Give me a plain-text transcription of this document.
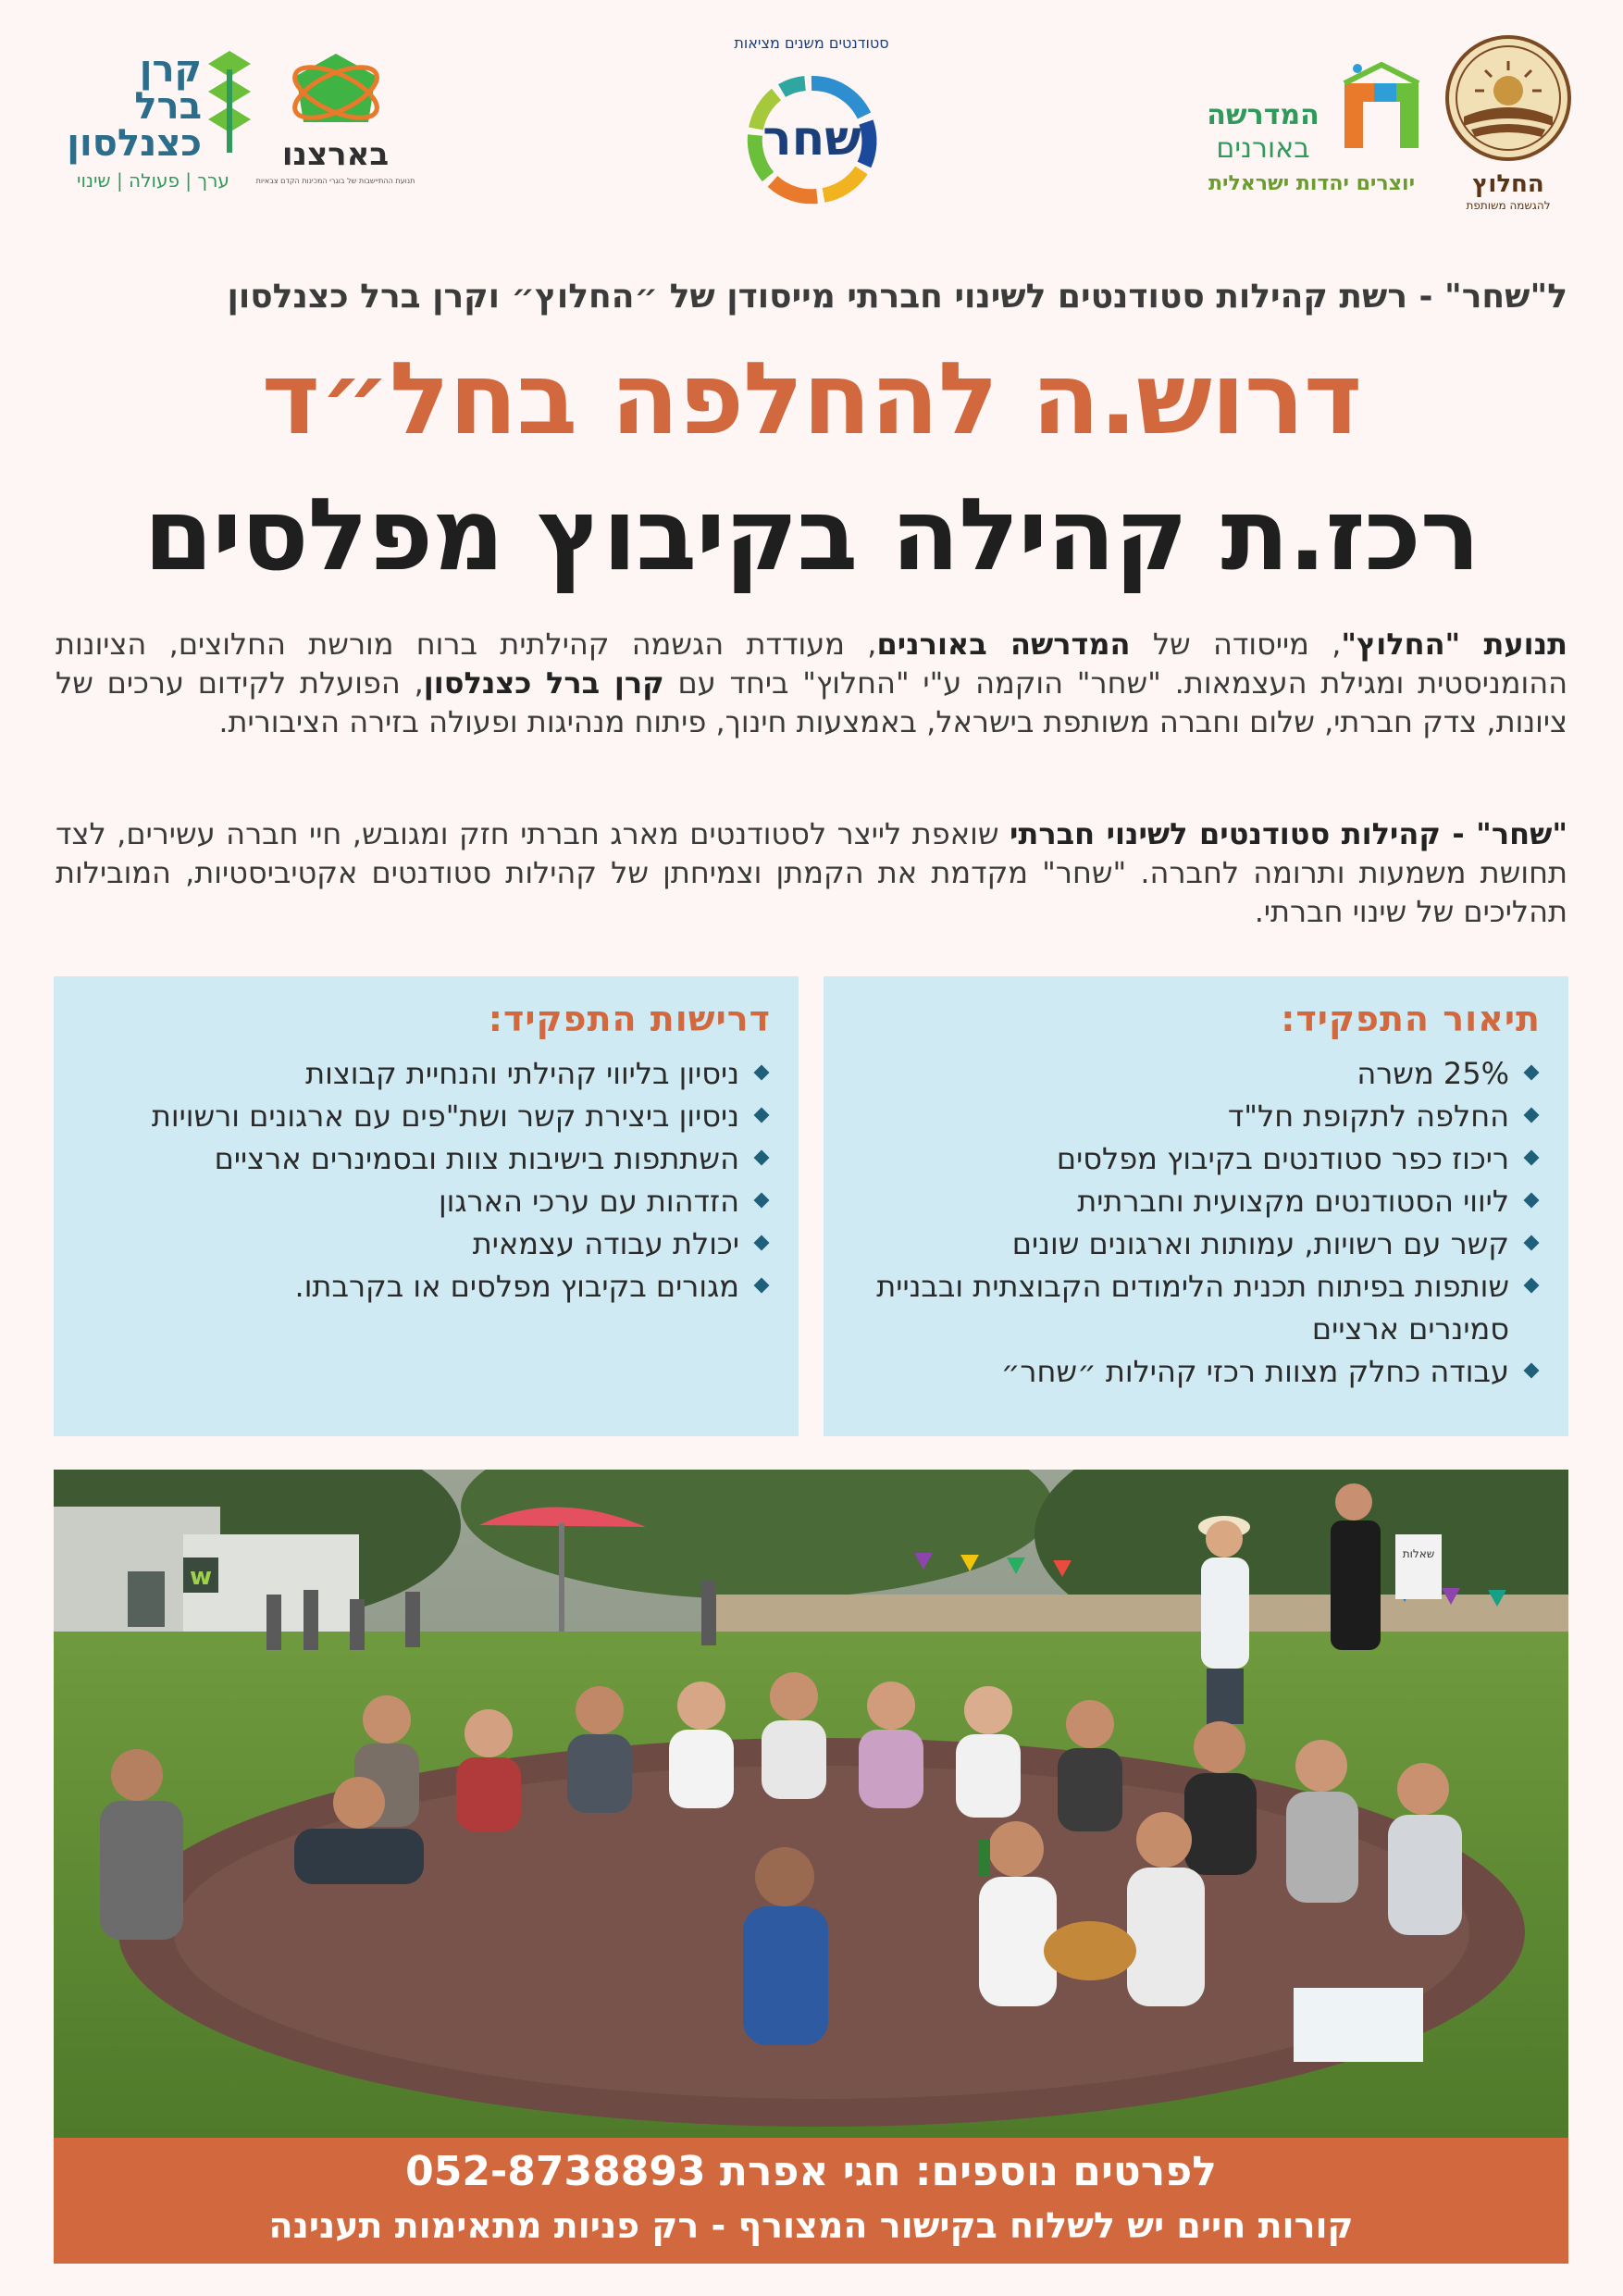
החלוץ
להגשמה משותפת
המדרשה
באורנים
יוצרים יהדות ישראלית
סטודנטים משנים מציאות
שחר
בארצנו
תנועת ההתיישבות של בוגרי המכינות הקדם צבאיות
קרן
ברל
כצנלסון
ערך | פעולה | שינוי
ל"שחר" - רשת קהילות סטודנטים לשינוי חברתי מייסודן של ״החלוץ״ וקרן ברל כצנלסון
דרוש.ה להחלפה בחל״ד
רכז.ת קהילה בקיבוץ מפלסים

תנועת "החלוץ", מייסודה של המדרשה באורנים, מעודדת הגשמה קהילתית ברוח מורשת החלוצים, הציונות ההומניסטית ומגילת העצמאות. "שחר" הוקמה ע"י "החלוץ" ביחד עם קרן ברל כצנלסון, הפועלת לקידום ערכים של ציונות, צדק חברתי, שלום וחברה משותפת בישראל, באמצעות חינוך, פיתוח מנהיגות ופעולה בזירה הציבורית.

"שחר" - קהילות סטודנטים לשינוי חברתי שואפת לייצר לסטודנטים מארג חברתי חזק ומגובש, חיי חברה עשירים, לצד תחושת משמעות ותרומה לחברה. "שחר" מקדמת את הקמתן וצמיחתן של קהילות סטודנטים אקטיביסטיות, המובילות תהליכים של שינוי חברתי.

תיאור התפקיד:
25% משרה
החלפה לתקופת חל"ד
ריכוז כפר סטודנטים בקיבוץ מפלסים
ליווי הסטודנטים מקצועית וחברתית
קשר עם רשויות, עמותות וארגונים שונים
שותפות בפיתוח תכנית הלימודים הקבוצתית ובבניית סמינרים ארציים
עבודה כחלק מצוות רכזי קהילות ״שחר״
דרישות התפקיד:
ניסיון בליווי קהילתי והנחיית קבוצות
ניסיון ביצירת קשר ושת"פים עם ארגונים ורשויות
השתתפות בישיבות צוות ובסמינרים ארציים
הזדהות עם ערכי הארגון
יכולת עבודה עצמאית
מגורים בקיבוץ מפלסים או בקרבתו.
w
שאלות
לפרטים נוספים: חגי אפרת 052-8738893
קורות חיים יש לשלוח בקישור המצורף - רק פניות מתאימות תענינה
